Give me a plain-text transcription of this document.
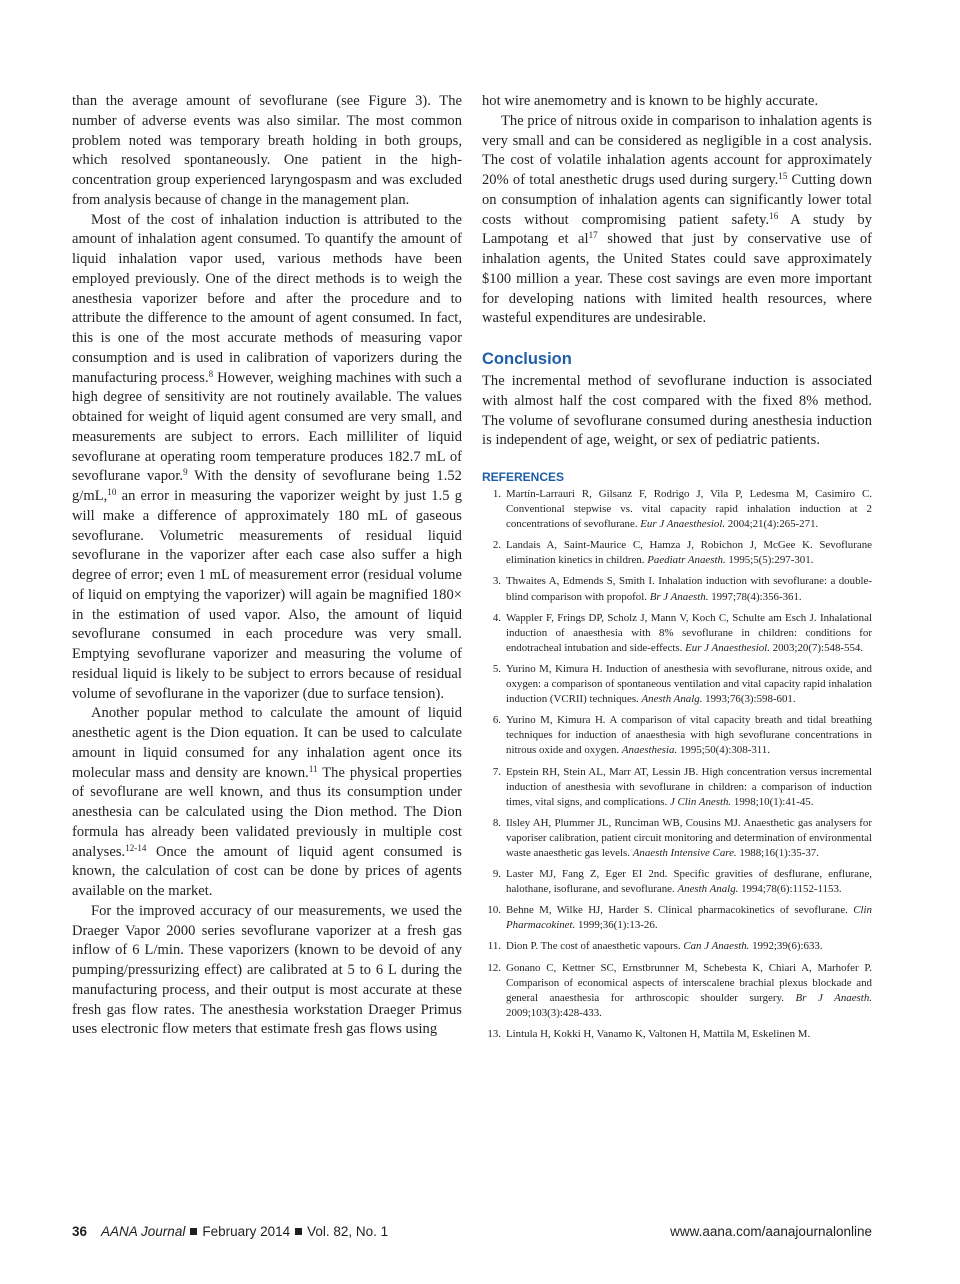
than the average amount of sevoflurane (see Figure 3). The number of adverse events was also similar. The most common problem noted was temporary breath holding in both groups, which resolved spontaneously. One patient in the high-concentration group experienced laryngospasm and was excluded from analysis because of change in the management plan.

Most of the cost of inhalation induction is attributed to the amount of inhalation agent consumed. To quantify the amount of liquid inhalation vapor used, various methods have been employed previously. One of the direct methods is to weigh the anesthesia vaporizer before and after the procedure and to attribute the difference to the amount of agent consumed. In fact, this is one of the most accurate methods of measuring vapor consumption and is used in calibration of vaporizers during the manufacturing process.$^8$ However, weighing machines with such a high degree of sensitivity are not routinely available. The values obtained for weight of liquid agent consumed are very small, and measurements are subject to errors. Each milliliter of liquid sevoflurane at operating room temperature produces 182.7 mL of sevoflurane vapor.$^9$ With the density of sevoflurane being 1.52 g/mL,$^{10}$ an error in measuring the vaporizer weight by just 1.5 g will make a difference of approximately 180 mL of gaseous sevoflurane. Volumetric measurements of residual liquid sevoflurane in the vaporizer after each case also suffer a high degree of error; even 1 mL of measurement error (residual volume of liquid on emptying the vaporizer) will again be magnified 180× in the estimation of used vapor. Also, the amount of liquid sevoflurane consumed in each procedure was very small. Emptying sevoflurane vaporizer and measuring the volume of residual liquid is likely to be subject to errors because of residual volume of sevoflurane in the vaporizer (due to surface tension).

Another popular method to calculate the amount of liquid anesthetic agent is the Dion equation. It can be used to calculate amount in liquid consumed for any inhalation agent once its molecular mass and density are known.$^{11}$ The physical properties of sevoflurane are well known, and thus its consumption under anesthesia can be calculated using the Dion method. The Dion formula has already been validated previously in multiple cost analyses.$^{12-14}$ Once the amount of liquid agent consumed is known, the calculation of cost can be done by prices of agents available on the market.

For the improved accuracy of our measurements, we used the Draeger Vapor 2000 series sevoflurane vaporizer at a fresh gas inflow of 6 L/min. These vaporizers (known to be devoid of any pumping/pressurizing effect) are calibrated at 5 to 6 L during the manufacturing process, and their output is most accurate at these fresh gas flow rates. The anesthesia workstation Draeger Primus uses electronic flow meters that estimate fresh gas flows using

hot wire anemometry and is known to be highly accurate.

The price of nitrous oxide in comparison to inhalation agents is very small and can be considered as negligible in a cost analysis. The cost of volatile inhalation agents account for approximately 20% of total anesthetic drugs used during surgery.$^{15}$ Cutting down on consumption of inhalation agents can significantly lower total costs without compromising patient safety.$^{16}$ A study by Lampotang et $al^{17}$ showed that just by conservative use of inhalation agents, the United States could save approximately $100 million a year. These cost savings are even more important for developing nations with limited health resources, where wasteful expenditures are undesirable.

Conclusion

The incremental method of sevoflurane induction is associated with almost half the cost compared with the fixed 8% method. The volume of sevoflurane consumed during anesthesia induction is independent of age, weight, or sex of pediatric patients.

REFERENCES
1. Martín-Larrauri R, Gilsanz F, Rodrigo J, Vila P, Ledesma M, Casimiro C. Conventional stepwise vs. vital capacity rapid inhalation induction at 2 concentrations of sevoflurane. Eur J Anaesthesiol. 2004;21(4):265-271.
2. Landais A, Saint-Maurice C, Hamza J, Robichon J, McGee K. Sevoflurane elimination kinetics in children. Paediatr Anaesth. 1995;5(5):297-301.
3. Thwaites A, Edmends S, Smith I. Inhalation induction with sevoflurane: a double-blind comparison with propofol. Br J Anaesth. 1997;78(4):356-361.
4. Wappler F, Frings DP, Scholz J, Mann V, Koch C, Schulte am Esch J. Inhalational induction of anaesthesia with 8% sevoflurane in children: conditions for endotracheal intubation and side-effects. Eur J Anaesthesiol. 2003;20(7):548-554.
5. Yurino M, Kimura H. Induction of anesthesia with sevoflurane, nitrous oxide, and oxygen: a comparison of spontaneous ventilation and vital capacity rapid inhalation induction (VCRII) techniques. Anesth Analg. 1993;76(3):598-601.
6. Yurino M, Kimura H. A comparison of vital capacity breath and tidal breathing techniques for induction of anaesthesia with high sevoflurane concentrations in nitrous oxide and oxygen. Anaesthesia. 1995;50(4):308-311.
7. Epstein RH, Stein AL, Marr AT, Lessin JB. High concentration versus incremental induction of anesthesia with sevoflurane in children: a comparison of induction times, vital signs, and complications. J Clin Anesth. 1998;10(1):41-45.
8. Ilsley AH, Plummer JL, Runciman WB, Cousins MJ. Anaesthetic gas analysers for vaporiser calibration, patient circuit monitoring and determination of environmental waste anaesthetic gas levels. Anaesth Intensive Care. 1988;16(1):35-37.
9. Laster MJ, Fang Z, Eger EI 2nd. Specific gravities of desflurane, enflurane, halothane, isoflurane, and sevoflurane. Anesth Analg. 1994;78(6):1152-1153.
10. Behne M, Wilke HJ, Harder S. Clinical pharmacokinetics of sevoflurane. Clin Pharmacokinet. 1999;36(1):13-26.
11. Dion P. The cost of anaesthetic vapours. Can J Anaesth. 1992;39(6):633.
12. Gonano C, Kettner SC, Ernstbrunner M, Schebesta K, Chiari A, Marhofer P. Comparison of economical aspects of interscalene brachial plexus blockade and general anaesthesia for arthroscopic shoulder surgery. Br J Anaesth. 2009;103(3):428-433.
13. Lintula H, Kokki H, Vanamo K, Valtonen H, Mattila M, Eskelinen M.
36 AANA Journal February 2014 Vol. 82, No. 1	www.aana.com/aanajournalonline
